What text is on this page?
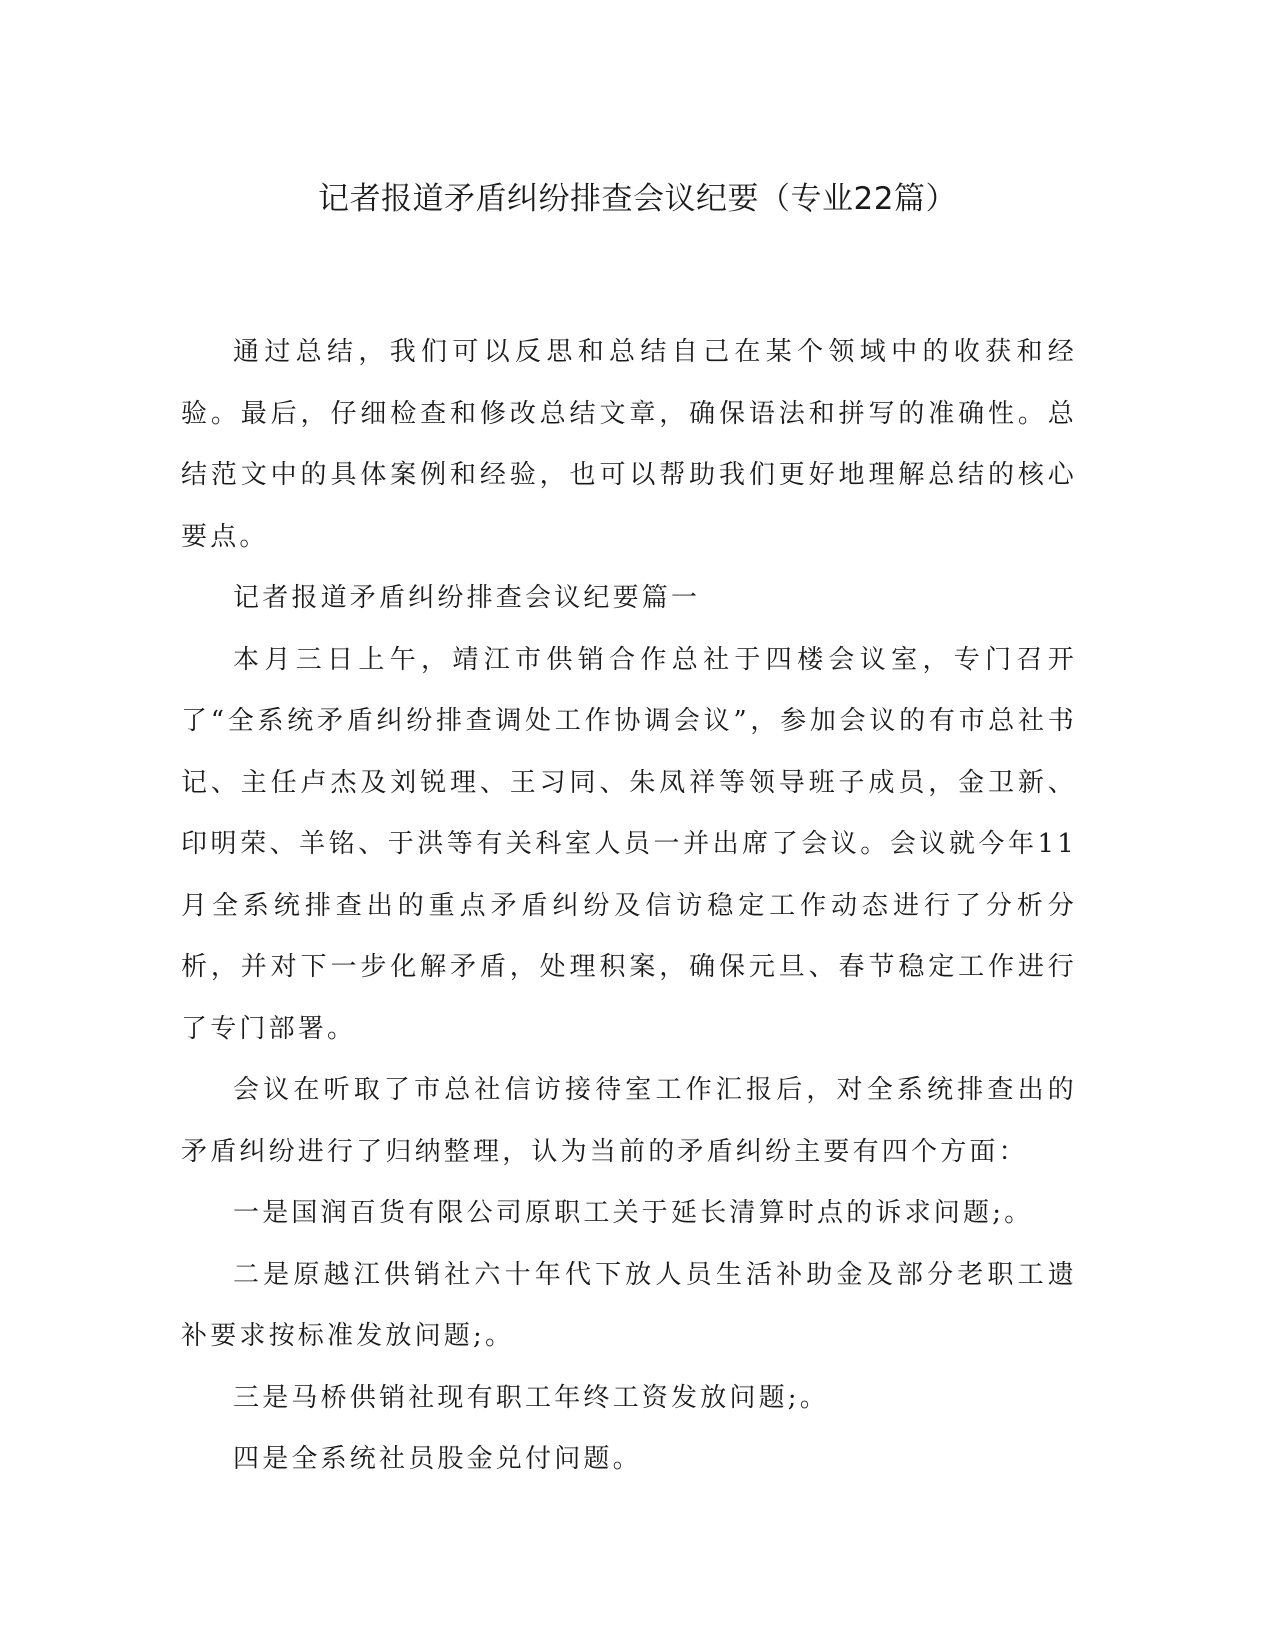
记者报道矛盾纠纷排查会议纪要（专业22篇）

通过总结，我们可以反思和总结自己在某个领域中的收获和经验。最后，仔细检查和修改总结文章，确保语法和拼写的准确性。总结范文中的具体案例和经验，也可以帮助我们更好地理解总结的核心要点。

记者报道矛盾纠纷排查会议纪要篇一

本月三日上午，靖江市供销合作总社于四楼会议室，专门召开了“全系统矛盾纠纷排查调处工作协调会议”，参加会议的有市总社书记、主任卢杰及刘锐理、王习同、朱凤祥等领导班子成员，金卫新、印明荣、羊铭、于洪等有关科室人员一并出席了会议。会议就今年11月全系统排查出的重点矛盾纠纷及信访稳定工作动态进行了分析分析，并对下一步化解矛盾，处理积案，确保元旦、春节稳定工作进行了专门部署。

会议在听取了市总社信访接待室工作汇报后，对全系统排查出的矛盾纠纷进行了归纳整理，认为当前的矛盾纠纷主要有四个方面：

一是国润百货有限公司原职工关于延长清算时点的诉求问题;。

二是原越江供销社六十年代下放人员生活补助金及部分老职工遗补要求按标准发放问题;。

三是马桥供销社现有职工年终工资发放问题;。

四是全系统社员股金兑付问题。
